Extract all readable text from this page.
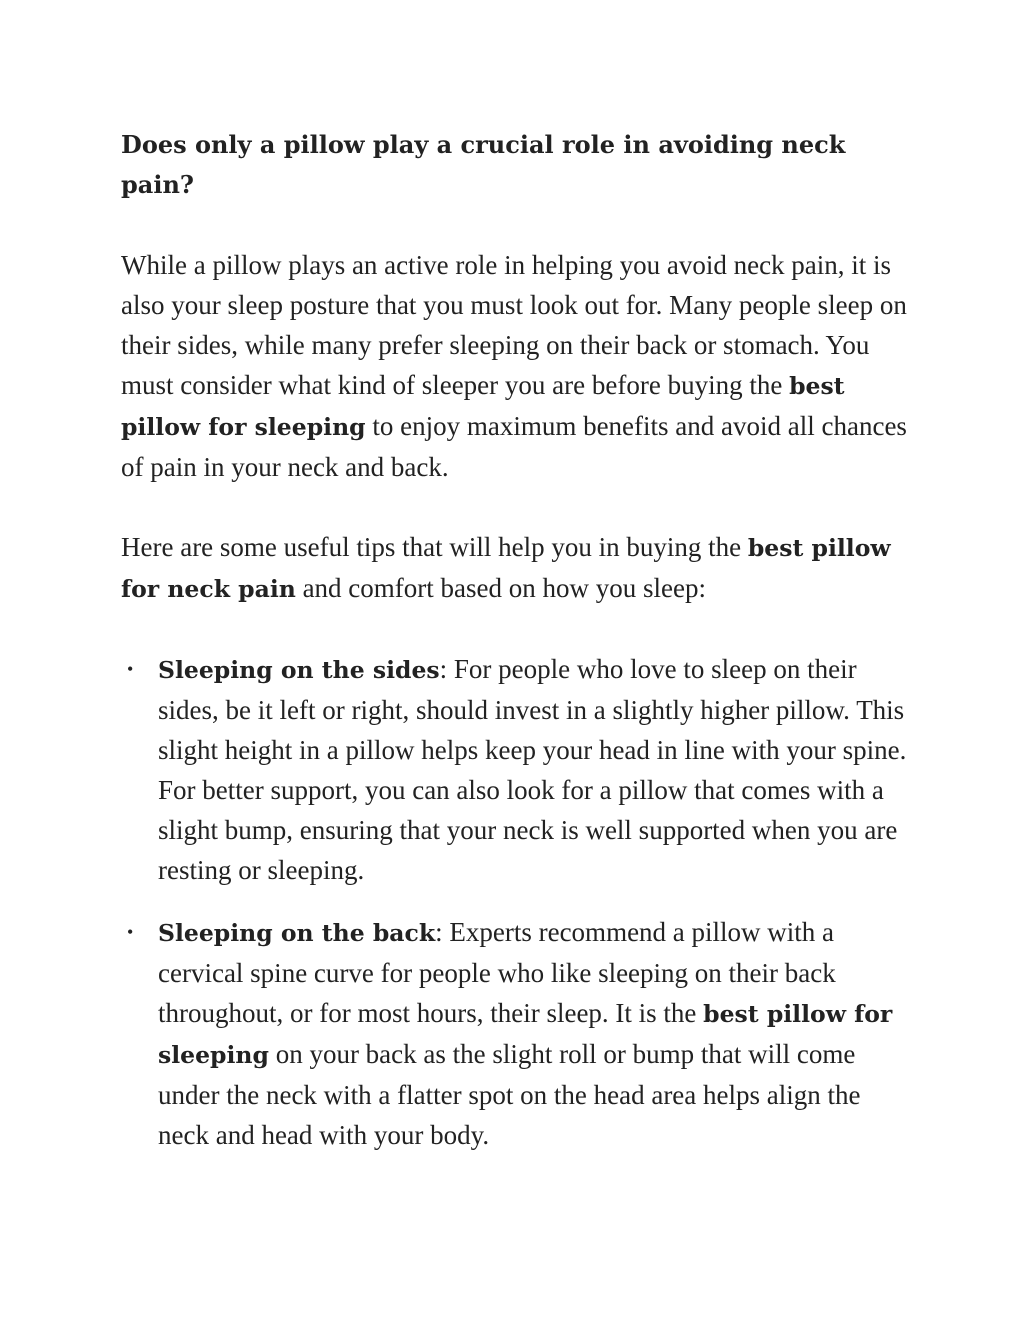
Does only a pillow play a crucial role in avoiding neck pain?

While a pillow plays an active role in helping you avoid neck pain, it is also your sleep posture that you must look out for. Many people sleep on their sides, while many prefer sleeping on their back or stomach. You must consider what kind of sleeper you are before buying the best pillow for sleeping to enjoy maximum benefits and avoid all chances of pain in your neck and back.

Here are some useful tips that will help you in buying the best pillow for neck pain and comfort based on how you sleep:

• Sleeping on the sides: For people who love to sleep on their sides, be it left or right, should invest in a slightly higher pillow. This slight height in a pillow helps keep your head in line with your spine. For better support, you can also look for a pillow that comes with a slight bump, ensuring that your neck is well supported when you are resting or sleeping.
• Sleeping on the back: Experts recommend a pillow with a cervical spine curve for people who like sleeping on their back throughout, or for most hours, their sleep. It is the best pillow for sleeping on your back as the slight roll or bump that will come under the neck with a flatter spot on the head area helps align the neck and head with your body.
